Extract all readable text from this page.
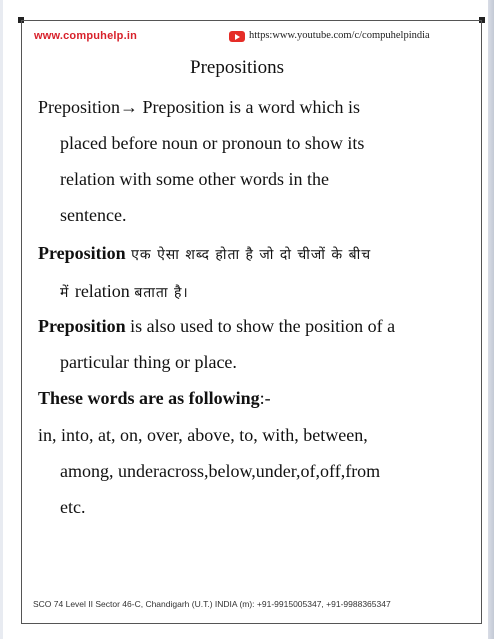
www.compuhelp.in	https:www.youtube.com/c/compuhelpindia
Prepositions
Preposition→ Preposition is a word which is
placed before noun or pronoun to show its
relation with some other words in the
sentence.
Preposition एक ऐसा शब्द होता है जो दो चीजों के बीच
में relation बताता है।
Preposition is also used to show the position of a
particular thing or place.
These words are as following:-
in, into, at, on, over, above, to, with, between,
among, underacross,below,under,of,off,from
etc.
SCO 74 Level II Sector 46-C, Chandigarh (U.T.) INDIA (m): +91-9915005347, +91-9988365347
